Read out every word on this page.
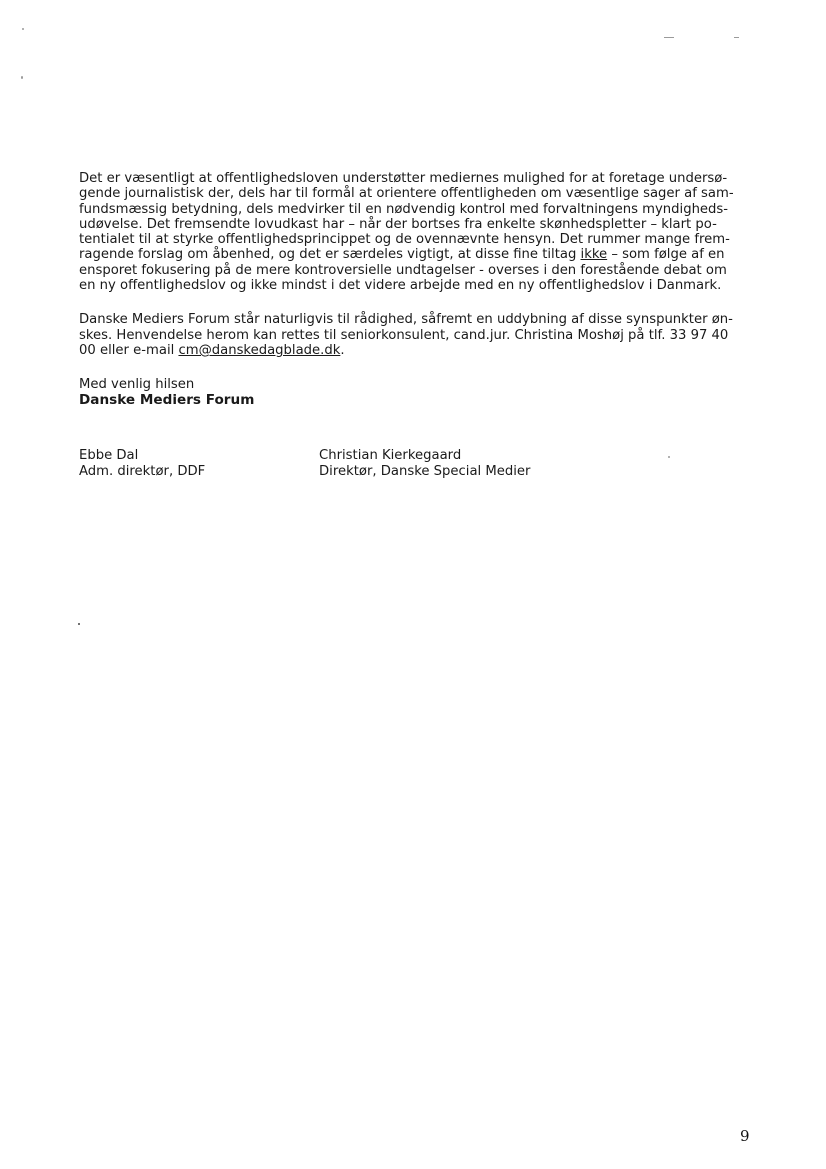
Det er væsentligt at offentlighedsloven understøtter mediernes mulighed for at foretage undersø-
gende journalistisk der, dels har til formål at orientere offentligheden om væsentlige sager af sam-
fundsmæssig betydning, dels medvirker til en nødvendig kontrol med forvaltningens myndigheds-
udøvelse. Det fremsendte lovudkast har – når der bortses fra enkelte skønhedspletter – klart po-
tentialet til at styrke offentlighedsprincippet og de ovennævnte hensyn. Det rummer mange frem-
ragende forslag om åbenhed, og det er særdeles vigtigt, at disse fine tiltag ikke – som følge af en
ensporet fokusering på de mere kontroversielle undtagelser - overses i den forestående debat om
en ny offentlighedslov og ikke mindst i det videre arbejde med en ny offentlighedslov i Danmark.
Danske Mediers Forum står naturligvis til rådighed, såfremt en uddybning af disse synspunkter øn-
skes. Henvendelse herom kan rettes til seniorkonsulent, cand.jur. Christina Moshøj på tlf. 33 97 40
00 eller e-mail cm@danskedagblade.dk.
Med venlig hilsen
Danske Mediers Forum
Ebbe Dal
Adm. direktør, DDF
Christian Kierkegaard
Direktør, Danske Special Medier
9
